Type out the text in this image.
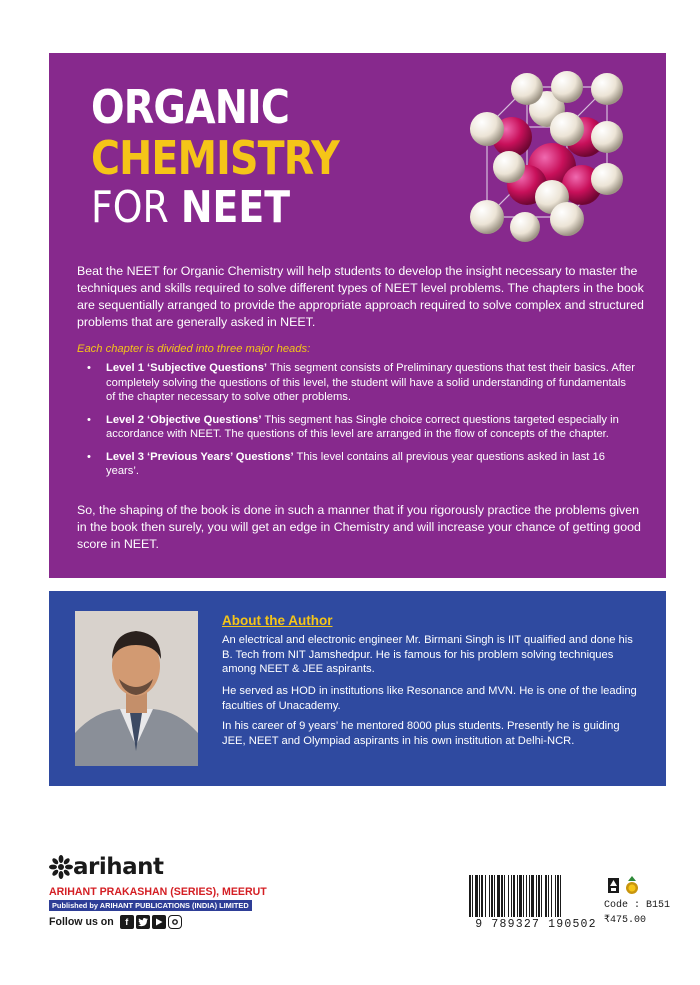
ORGANIC
CHEMISTRY
FOR NEET

Beat the NEET for Organic Chemistry will help students to develop the insight necessary to master the techniques and skills required to solve different types of NEET level problems. The chapters in the book are sequentially arranged to provide the appropriate approach required to solve complex and structured problems that are generally asked in NEET.

Each chapter is divided into three major heads:
• Level 1 ‘Subjective Questions’ This segment consists of Preliminary questions that test their basics. After completely solving the questions of this level, the student will have a solid understanding of fundamentals of the chapter necessary to solve other problems.
• Level 2 ‘Objective Questions’ This segment has Single choice correct questions targeted especially in accordance with NEET. The questions of this level are arranged in the flow of concepts of the chapter.
• Level 3 ‘Previous Years’ Questions’ This level contains all previous year questions asked in last 16 years’.

So, the shaping of the book is done in such a manner that if you rigorously practice the problems given in the book then surely, you will get an edge in Chemistry and will increase your chance of getting good score in NEET.

About the Author

An electrical and electronic engineer Mr. Birmani Singh is IIT qualified and done his B. Tech from NIT Jamshedpur. He is famous for his problem solving techniques among NEET & JEE aspirants.

He served as HOD in institutions like Resonance and MVN. He is one of the leading faculties of Unacademy.

In his career of 9 years’ he mentored 8000 plus students. Presently he is guiding JEE, NEET and Olympiad aspirants in his own institution at Delhi-NCR.

arihant
ARIHANT PRAKASHAN (SERIES), MEERUT
Published by ARIHANT PUBLICATIONS (INDIA) LIMITED
Follow us on	f	9 789327 190502
Code : B151
₹475.00
